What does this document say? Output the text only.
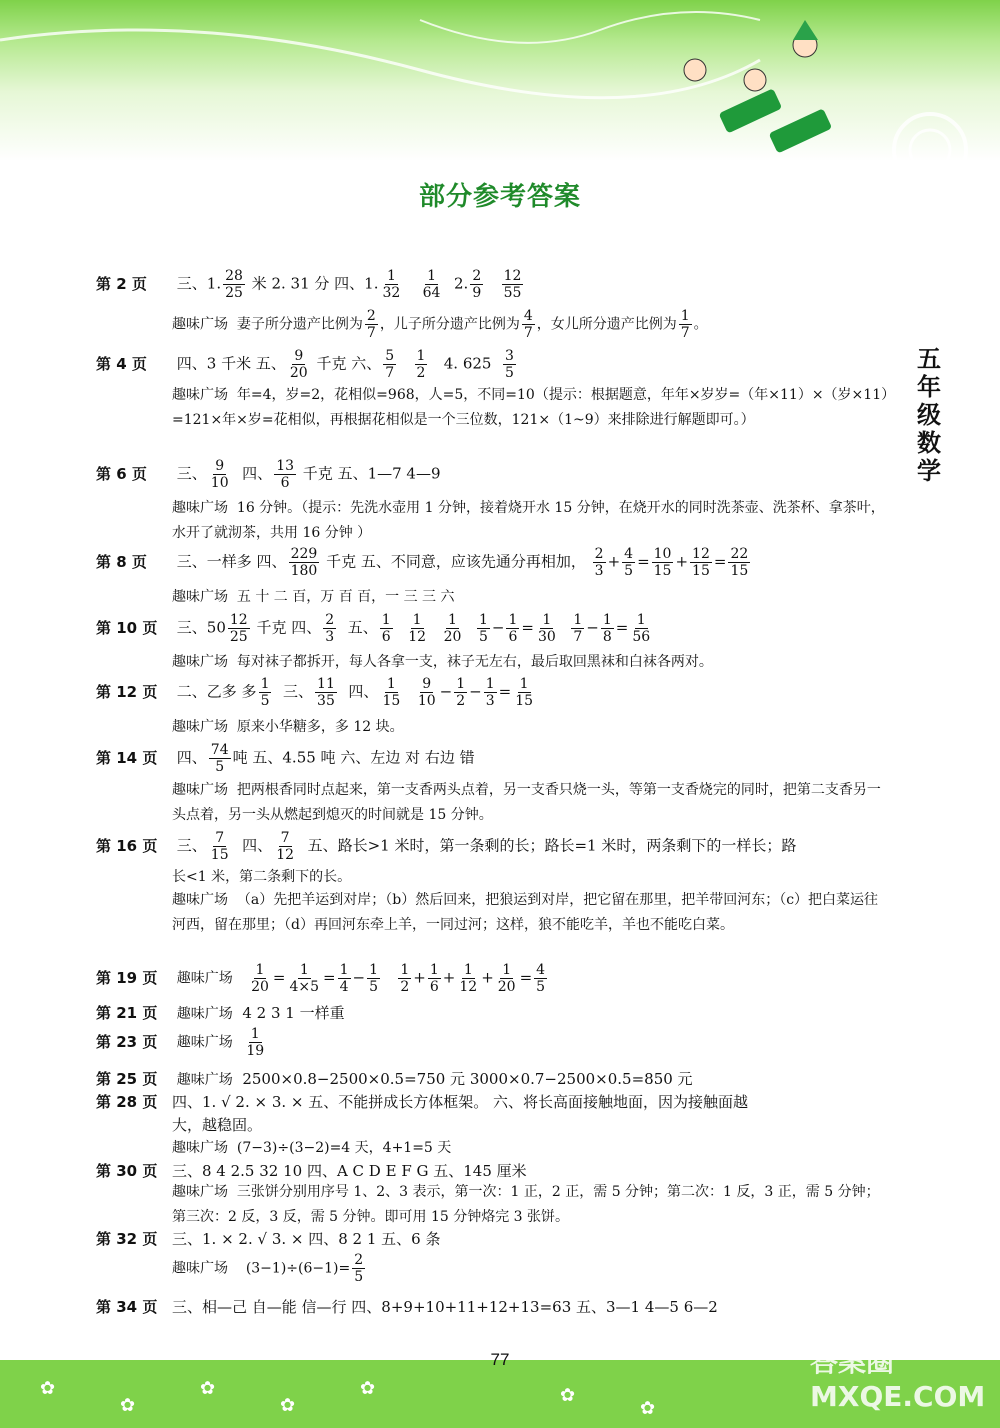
部分参考答案
五
年
级
数
学
第 2 页 三、1. $\frac{28}{25}$ 米 2. 31 分 四、1. $\frac{1}{32}$
$\frac{1}{64} 2$. $\frac{2}{9}$
$\frac{12}{55}$
趣味广场 妻子所分遗产比例为 $\frac{2}{7}$ ，儿子所分遗产比例为 $\frac{4}{7}$ ，女儿所分遗产比例为 $\frac{1}{7}$ 。
第 4 页 四、3 千米 五、 $\frac{9}{20}$ 千克 六、 $\frac{5}{7}$
$\frac{1}{2} 4$. $625 \frac{3}{5}$
趣味广场 年=4，岁=2，花相似=968，人=5，不同=10（提示：根据题意，年年×岁岁=（年×11）×（岁×11）=121×年×岁=花相似，再根据花相似是一个三位数，121×（1~9）来排除进行解题即可。）
第 6 页 三、 $\frac{9}{10}$ 四、 $\frac{13}{6}$ 千克 五、1—7 4—9
趣味广场 16 分钟。（提示：先洗水壶用 1 分钟，接着烧开水 15 分钟，在烧开水的同时洗茶壶、洗茶杯、拿茶叶，水开了就沏茶，共用 16 分钟 ）
第 8 页 三、一样多 四、 $\frac{229}{180}$ 千克 五、不同意，应该先通分再相加， $\frac{2}{3} + \frac{4}{5} = \frac{10}{15} + \frac{12}{15} = \frac{22}{15}$
趣味广场 五 十 二 百，万 百 百，一 三 三 六
第 10 页 三、$50 \frac{12}{25}$ 千克 四、 $\frac{2}{3}$ 五、 $\frac{1}{6}$
$\frac{1}{12}$
$\frac{1}{20}$
$\frac{1}{5} - \frac{1}{6} = \frac{1}{30}$
$\frac{1}{7} - \frac{1}{8} = \frac{1}{56}$
趣味广场 每对袜子都拆开，每人各拿一支，袜子无左右，最后取回黑袜和白袜各两对。
第 12 页 二、乙多 多 $\frac{1}{5}$ 三、 $\frac{11}{35}$ 四、 $\frac{1}{15}$
$\frac{9}{10} - \frac{1}{2} - \frac{1}{3} = \frac{1}{15}$
趣味广场 原来小华糖多，多 12 块。
第 14 页 四、 $\frac{74}{5}$ 吨 五、4.55 吨 六、左边 对 右边 错
趣味广场 把两根香同时点起来，第一支香两头点着，另一支香只烧一头，等第一支香烧完的同时，把第二支香另一头点着，另一头从燃起到熄灭的时间就是 15 分钟。
第 16 页 三、 $\frac{7}{15}$ 四、 $\frac{7}{12}$ 五、路长>1 米时，第一条剩的长；路长=1 米时，两条剩下的一样长；路
长<1 米，第二条剩下的长。
趣味广场 （a）先把羊运到对岸；（b）然后回来，把狼运到对岸，把它留在那里，把羊带回河东；（c）把白菜运往河西，留在那里；（d）再回河东牵上羊，一同过河；这样，狼不能吃羊，羊也不能吃白菜。
第 19 页 趣味广场 $\frac{1}{20} = \frac{1}{4\times 5} = \frac{1}{4} - \frac{1}{5}$
$\frac{1}{2} + \frac{1}{6} + \frac{1}{12} + \frac{1}{20} = \frac{4}{5}$
第 21 页 趣味广场 4 2 3 1 一样重
第 23 页 趣味广场 $\frac{1}{19}$
第 25 页 趣味广场 2500×0.8−2500×0.5=750 元 3000×0.7−2500×0.5=850 元
第 28 页 四、1. √ 2. × 3. × 五、不能拼成长方体框架。 六、将长高面接触地面，因为接触面越
大，越稳固。
趣味广场 (7−3)÷(3−2)=4 天，4+1=5 天
第 30 页 三、8 4 2.5 32 10 四、A C D E F G 五、145 厘米
趣味广场 三张饼分别用序号 1、2、3 表示，第一次：1 正，2 正，需 5 分钟；第二次：1 反，3 正，需 5 分钟；第三次：2 反，3 反，需 5 分钟。即可用 15 分钟烙完 3 张饼。
第 32 页 三、1. × 2. √ 3. × 四、8 2 1 五、6 条
趣味广场 $(3-1)\div(6-1)= \frac{2}{5}$
第 34 页 三、相—己 自—能 信—行 四、8+9+10+11+12+13=63 五、3—1 4—5 6—2
✿
✿
✿
✿
✿	✿
✿
77	答案圈 MXQE.COM
